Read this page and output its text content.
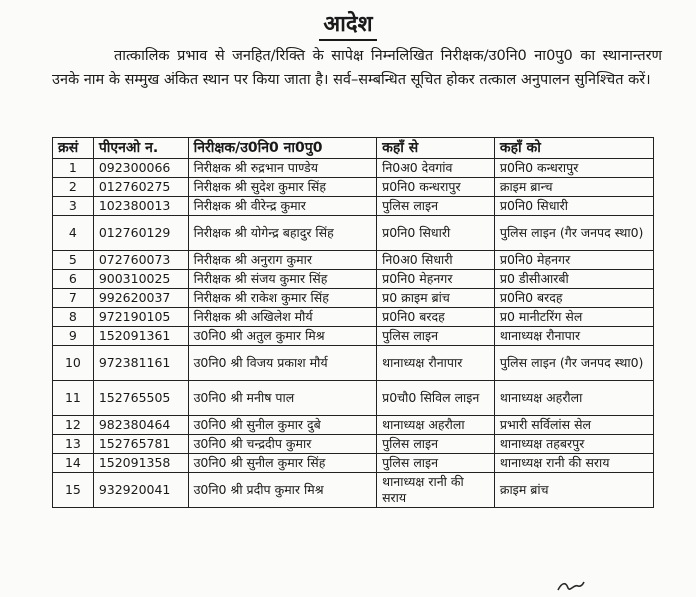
आदेश
तात्कालिक प्रभाव से जनहित/रिक्ति के सापेक्ष निम्नलिखित निरीक्षक/उ0नि0 ना0पु0 का स्थानान्तरण उनके नाम के सम्मुख अंकित स्थान पर किया जाता है। सर्व–सम्बन्धित सूचित होकर तत्काल अनुपालन सुनिश्चित करें।
क्रसं	पीएनओ न.	निरीक्षक/उ0नि0 ना0पु0	कहाँ से	कहाँ को
1	092300066	निरीक्षक श्री रुद्रभान पाण्डेय	नि0अ0 देवगांव	प्र0नि0 कन्धरापुर
2	012760275	निरीक्षक श्री सुदेश कुमार सिंह	प्र0नि0 कन्धरापुर	क्राइम ब्रान्च
3	102380013	निरीक्षक श्री वीरेन्द्र कुमार	पुलिस लाइन	प्र0नि0 सिधारी
4	012760129	निरीक्षक श्री योगेन्द्र बहादुर सिंह	प्र0नि0 सिधारी	पुलिस लाइन (गैर जनपद स्था0)
5	072760073	निरीक्षक श्री अनुराग कुमार	नि0अ0 सिधारी	प्र0नि0 मेहनगर
6	900310025	निरीक्षक श्री संजय कुमार सिंह	प्र0नि0 मेहनगर	प्र0 डीसीआरबी
7	992620037	निरीक्षक श्री राकेश कुमार सिंह	प्र0 क्राइम ब्रांच	प्र0नि0 बरदह
8	972190105	निरीक्षक श्री अखिलेश मौर्य	प्र0नि0 बरदह	प्र0 मानीटरिंग सेल
9	152091361	उ0नि0 श्री अतुल कुमार मिश्र	पुलिस लाइन	थानाध्यक्ष रौनापार
10	972381161	उ0नि0 श्री विजय प्रकाश मौर्य	थानाध्यक्ष रौनापार	पुलिस लाइन (गैर जनपद स्था0)
11	152765505	उ0नि0 श्री मनीष पाल	प्र0चौ0 सिविल लाइन	थानाध्यक्ष अहरौला
12	982380464	उ0नि0 श्री सुनील कुमार दुबे	थानाध्यक्ष अहरौला	प्रभारी सर्विलांस सेल
13	152765781	उ0नि0 श्री चन्द्रदीप कुमार	पुलिस लाइन	थानाध्यक्ष तहबरपुर
14	152091358	उ0नि0 श्री सुनील कुमार सिंह	पुलिस लाइन	थानाध्यक्ष रानी की सराय
15	932920041	उ0नि0 श्री प्रदीप कुमार मिश्र	थानाध्यक्ष रानी की सराय	क्राइम ब्रांच
